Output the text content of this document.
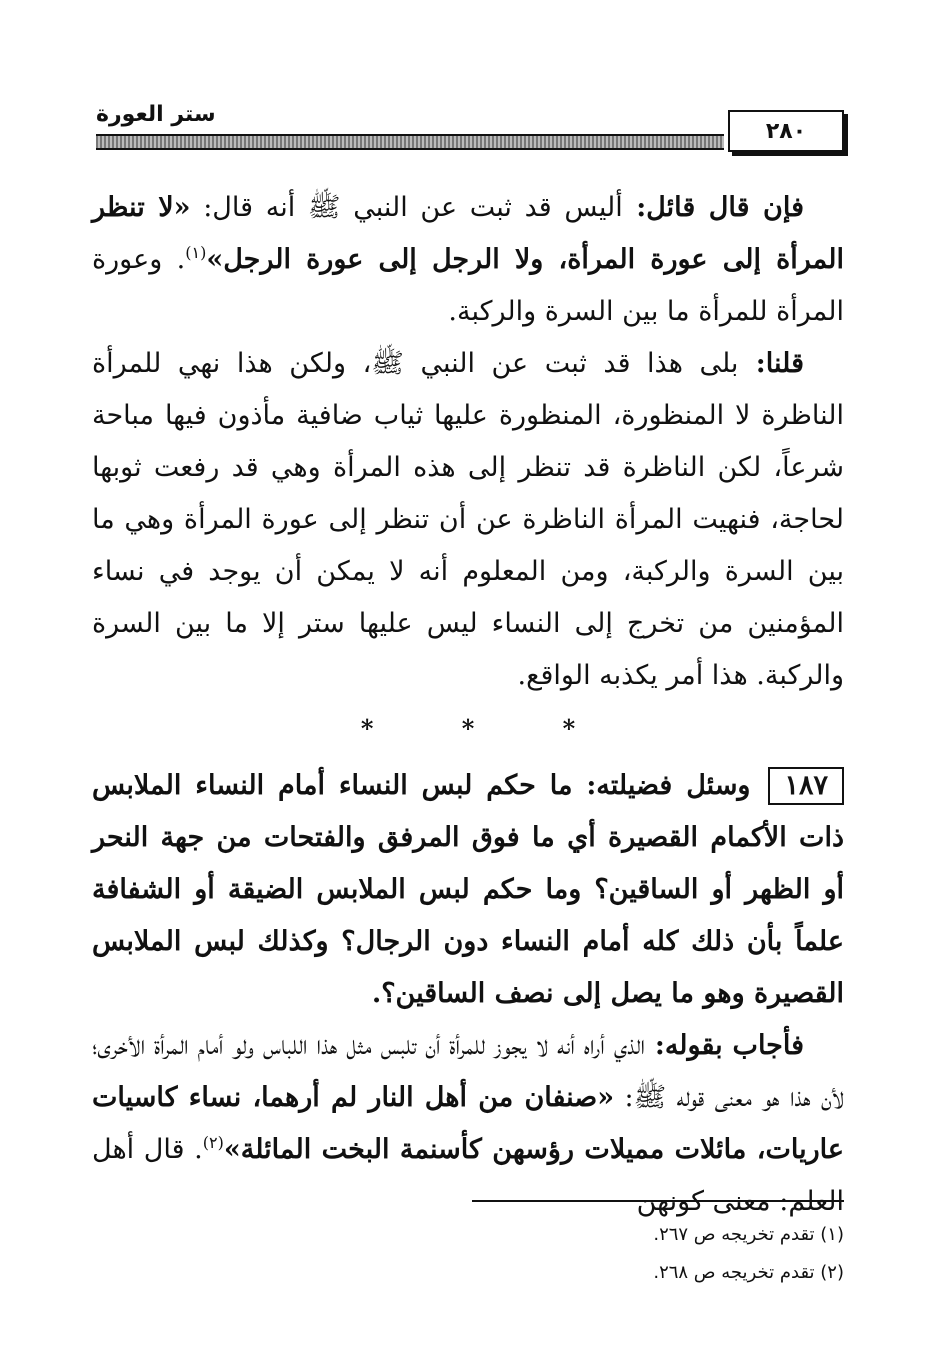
ستر العورة
٢٨٠

فإن قال قائل: أليس قد ثبت عن النبي ﷺ أنه قال: «لا تنظر المرأة إلى عورة المرأة، ولا الرجل إلى عورة الرجل»$^{(١)}$. وعورة المرأة للمرأة ما بين السرة والركبة.

قلنا: بلى هذا قد ثبت عن النبي ﷺ، ولكن هذا نهي للمرأة الناظرة لا المنظورة، المنظورة عليها ثياب ضافية مأذون فيها مباحة شرعاً، لكن الناظرة قد تنظر إلى هذه المرأة وهي قد رفعت ثوبها لحاجة، فنهيت المرأة الناظرة عن أن تنظر إلى عورة المرأة وهي ما بين السرة والركبة، ومن المعلوم أنه لا يمكن أن يوجد في نساء المؤمنين من تخرج إلى النساء ليس عليها ستر إلا ما بين السرة والركبة. هذا أمر يكذبه الواقع.

* * *

١٨٧وسئل فضيلته: ما حكم لبس النساء أمام النساء الملابس ذات الأكمام القصيرة أي ما فوق المرفق والفتحات من جهة النحر أو الظهر أو الساقين؟ وما حكم لبس الملابس الضيقة أو الشفافة علماً بأن ذلك كله أمام النساء دون الرجال؟ وكذلك لبس الملابس القصيرة وهو ما يصل إلى نصف الساقين؟.

فأجاب بقوله: الذي أراه أنه لا يجوز للمرأة أن تلبس مثل هذا اللباس ولو أمام المرأة الأخرى؛ لأن هذا هو معنى قوله ﷺ: «صنفان من أهل النار لم أرهما، نساء كاسيات عاريات، مائلات مميلات رؤسهن كأسنمة البخت المائلة»$^{(٢)}$. قال أهل العلم: معنى كونهن

(١) تقدم تخريجه ص ٢٦٧.
(٢) تقدم تخريجه ص ٢٦٨.
